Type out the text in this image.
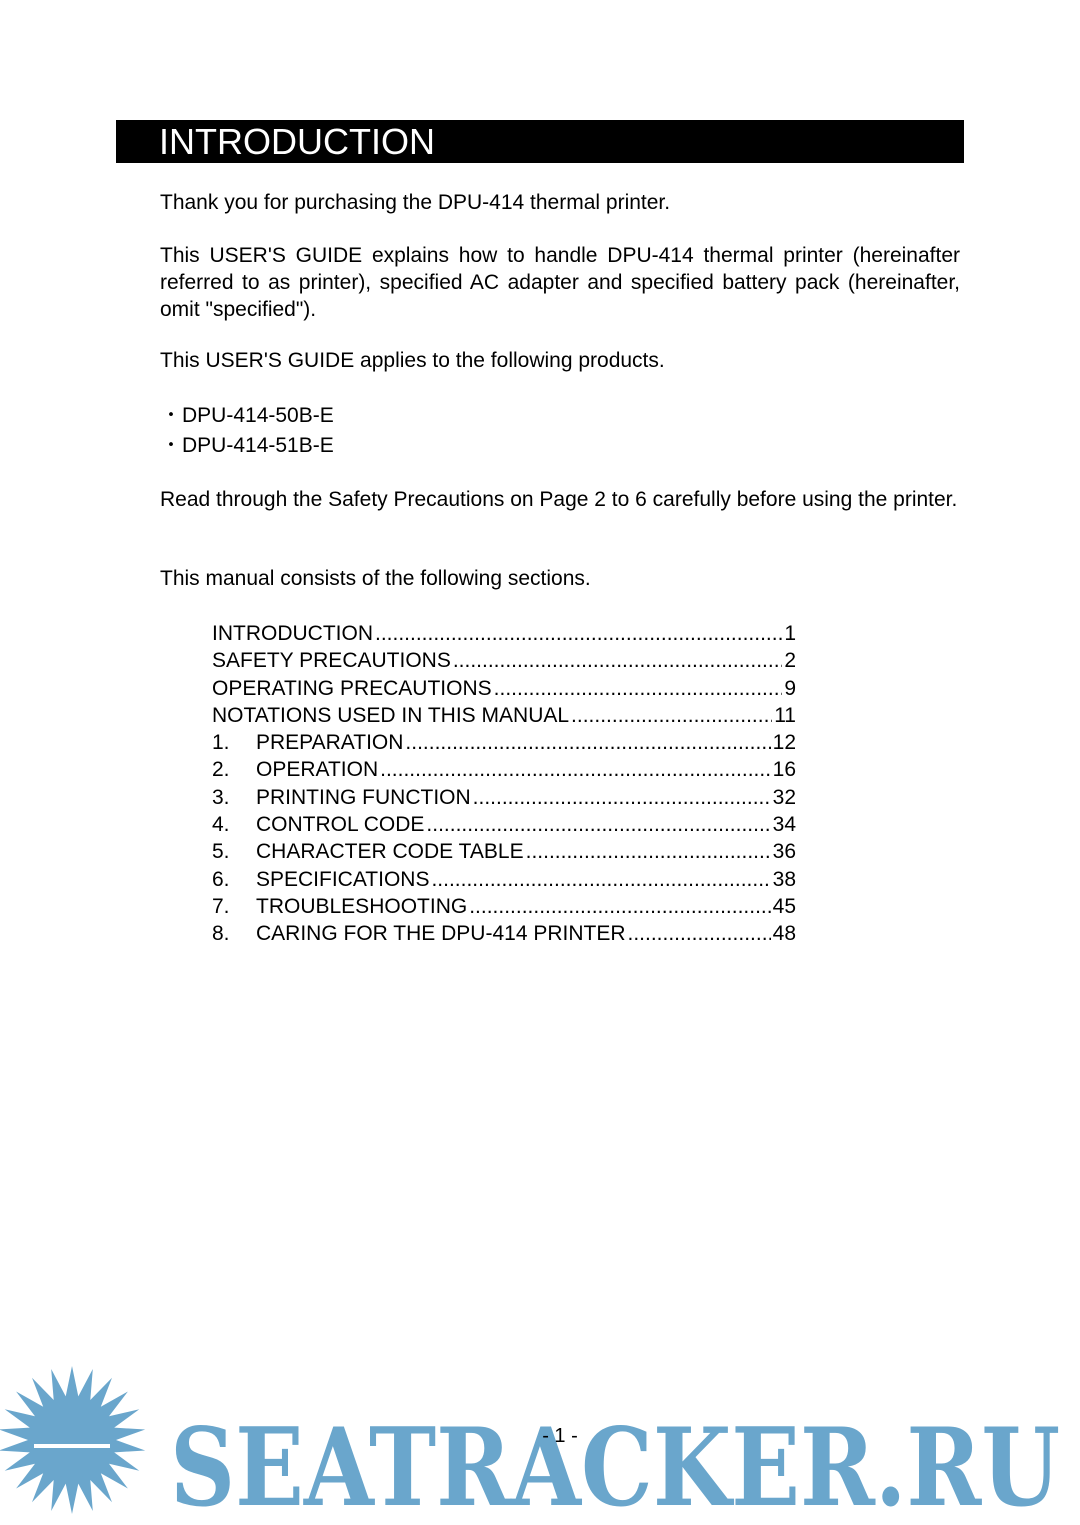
INTRODUCTION
Thank you for purchasing the DPU-414 thermal printer.
This USER'S GUIDE explains how to handle DPU-414 thermal printer (hereinafter referred to as printer), specified AC adapter and specified battery pack (hereinafter, omit "specified").
This USER'S GUIDE applies to the following products.
・DPU-414-50B-E
・DPU-414-51B-E
Read through the Safety Precautions on Page 2 to 6 carefully before using the printer.
This manual consists of the following sections.
INTRODUCTION .....	1
SAFETY PRECAUTIONS .....	2
OPERATING PRECAUTIONS .....	9
NOTATIONS USED IN THIS MANUAL .....	11
1.	PREPARATION .....	12
2.	OPERATION .....	16
3.	PRINTING FUNCTION .....	32
4.	CONTROL CODE .....	34
5.	CHARACTER CODE TABLE .....	36
6.	SPECIFICATIONS .....	38
7.	TROUBLESHOOTING .....	45
8.	CARING FOR THE DPU-414 PRINTER .....	48
SEATRACKER.RU
- 1 -
